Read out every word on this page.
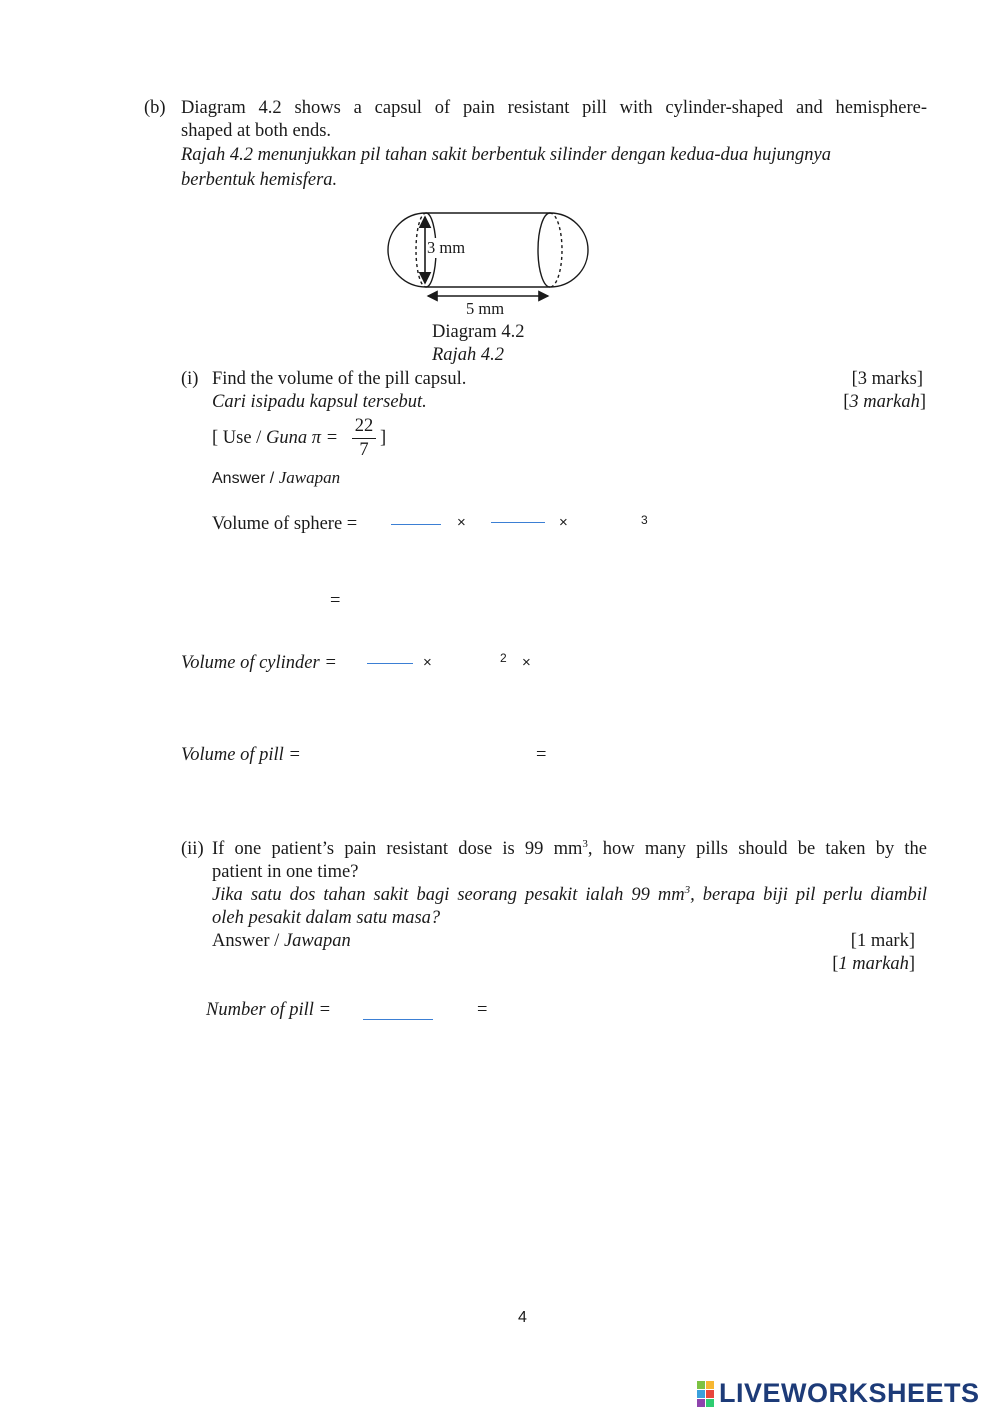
(b) Diagram 4.2 shows a capsul of pain resistant pill with cylinder-shaped and hemisphere-
shaped at both ends.
Rajah 4.2 menunjukkan pil tahan sakit berbentuk silinder dengan kedua-dua hujungnya
berbentuk hemisfera.
3 mm
5 mm
Diagram 4.2
Rajah 4.2
(i) Find the volume of the pill capsul.	[3 marks]
Cari isipadu kapsul tersebut.	[3 markah]
[ Use / Guna π =
22
7
]
Answer / Jawapan
Volume of sphere =	×	×	3
=
Volume of cylinder =	×	2 ×
Volume of pill =	=
(ii) If one patient’s pain resistant dose is 99 $mm^3$, how many pills should be taken by the
patient in one time?
Jika satu dos tahan sakit bagi seorang pesakit ialah 99 $mm^3$, berapa biji pil perlu diambil
oleh pesakit dalam satu masa?
Answer / Jawapan	[1 mark]
[1 markah]
Number of pill =	=
4
LIVEWORKSHEETS
